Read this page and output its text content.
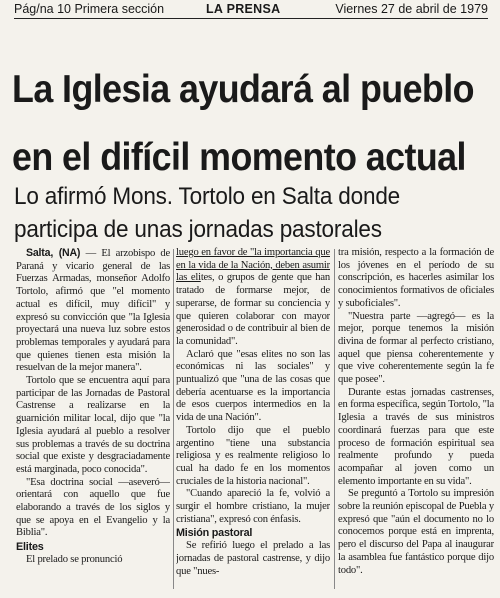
Pág/na 10 Primera sección	LA PRENSA	Viernes 27 de abril de 1979
La Iglesia ayudará al pueblo
en el difícil momento actual
Lo afirmó Mons. Tortolo en Salta donde
participa de unas jornadas pastorales

Salta, (NA) — El arzobispo de Paraná y vicario general de las Fuerzas Armadas, monseñor Adolfo Tortolo, afirmó que "el momento actual es difícil, muy difícil" y expresó su convicción que "la Iglesia proyectará una nueva luz sobre estos problemas temporales y ayudará para que quienes tienen esta misión la resuelvan de la mejor manera".

Tortolo que se encuentra aquí para participar de las Jornadas de Pastoral Castrense a realizarse en la guarnición militar local, dijo que "la Iglesia ayudará al pueblo a resolver sus problemas a través de su doctrina social que existe y desgraciadamente está marginada, poco conocida".

"Esa doctrina social —aseveró— orientará con aquello que fue elaborando a través de los siglos y que se apoya en el Evangelio y la Biblia".

Elites

El prelado se pronunció

luego en favor de "la importancia que en la vida de la Nación, deben asumir las elites, o grupos de gente que han tratado de formarse mejor, de superarse, de formar su conciencia y que quieren colaborar con mayor generosidad o de contribuir al bien de la comunidad".

Aclaró que "esas elites no son las económicas ni las sociales" y puntualizó que "una de las cosas que debería acentuarse es la importancia de esos cuerpos intermedios en la vida de una Nación".

Tortolo dijo que el pueblo argentino "tiene una substancia religiosa y es realmente religioso lo cual ha dado fe en los momentos cruciales de la historia nacional".

"Cuando apareció la fe, volvió a surgir el hombre cristiano, la mujer cristiana", expresó con énfasis.

Misión pastoral

Se refirió luego el prelado a las jornadas de pastoral castrense, y dijo que "nues-

tra misión, respecto a la formación de los jóvenes en el período de su conscripción, es hacerles asimilar los conocimientos formativos de oficiales y suboficiales".

"Nuestra parte —agregó— es la mejor, porque tenemos la misión divina de formar al perfecto cristiano, aquel que piensa coherentemente y que vive coherentemente según la fe que posee".

Durante estas jornadas castrenses, en forma específica, según Tortolo, "la Iglesia a través de sus ministros coordinará fuerzas para que este proceso de formación espiritual sea realmente profundo y pueda acompañar al joven como un elemento importante en su vida".

Se preguntó a Tortolo su impresión sobre la reunión episcopal de Puebla y expresó que "aún el documento no lo conocemos porque está en imprenta, pero el discurso del Papa al inaugurar la asamblea fue fantástico porque dijo todo".
